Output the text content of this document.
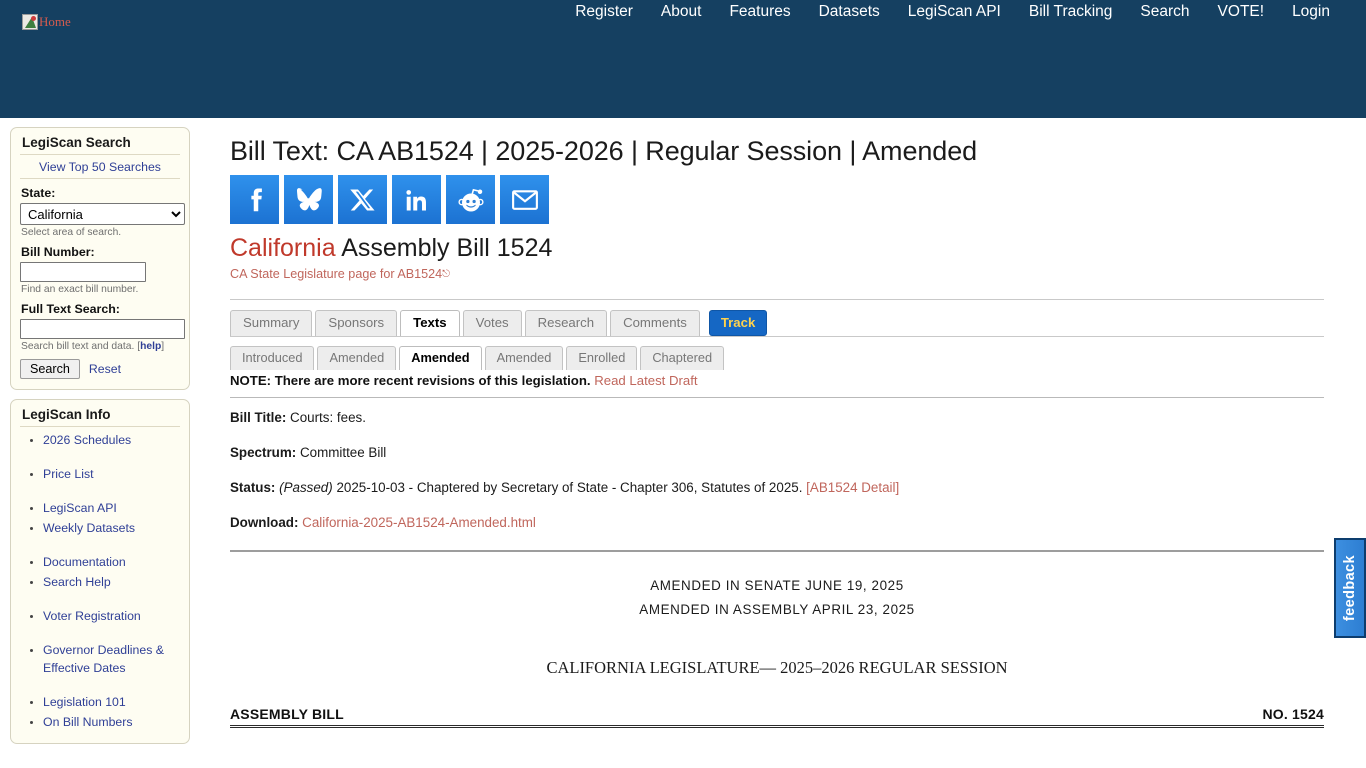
Home
Register	About	Features	Datasets	LegiScan API	Bill Tracking	Search	VOTE!	Login
LegiScan Search
View Top 50 Searches
State:
California
Select area of search.
Bill Number:
Find an exact bill number.
Full Text Search:
Search bill text and data. [help]
Search	Reset
LegiScan Info
2026 Schedules
Price List
LegiScan API
Weekly Datasets
Documentation
Search Help
Voter Registration
Governor Deadlines & Effective Dates
Legislation 101
On Bill Numbers
Bill Text: CA AB1524 | 2025-2026 | Regular Session | Amended
California Assembly Bill 1524
CA State Legislature page for AB1524⎋
Summary	Sponsors	Texts	Votes	Research	Comments	Track
Introduced	Amended	Amended	Amended	Enrolled	Chaptered

NOTE: There are more recent revisions of this legislation. Read Latest Draft

Bill Title: Courts: fees.

Spectrum: Committee Bill

Status: (Passed) 2025-10-03 - Chaptered by Secretary of State - Chapter 306, Statutes of 2025. [AB1524 Detail]

Download: California-2025-AB1524-Amended.html

AMENDED IN SENATE JUNE 19, 2025
AMENDED IN ASSEMBLY APRIL 23, 2025
CALIFORNIA LEGISLATURE— 2025–2026 REGULAR SESSION
ASSEMBLY BILL	NO. 1524
feedback
